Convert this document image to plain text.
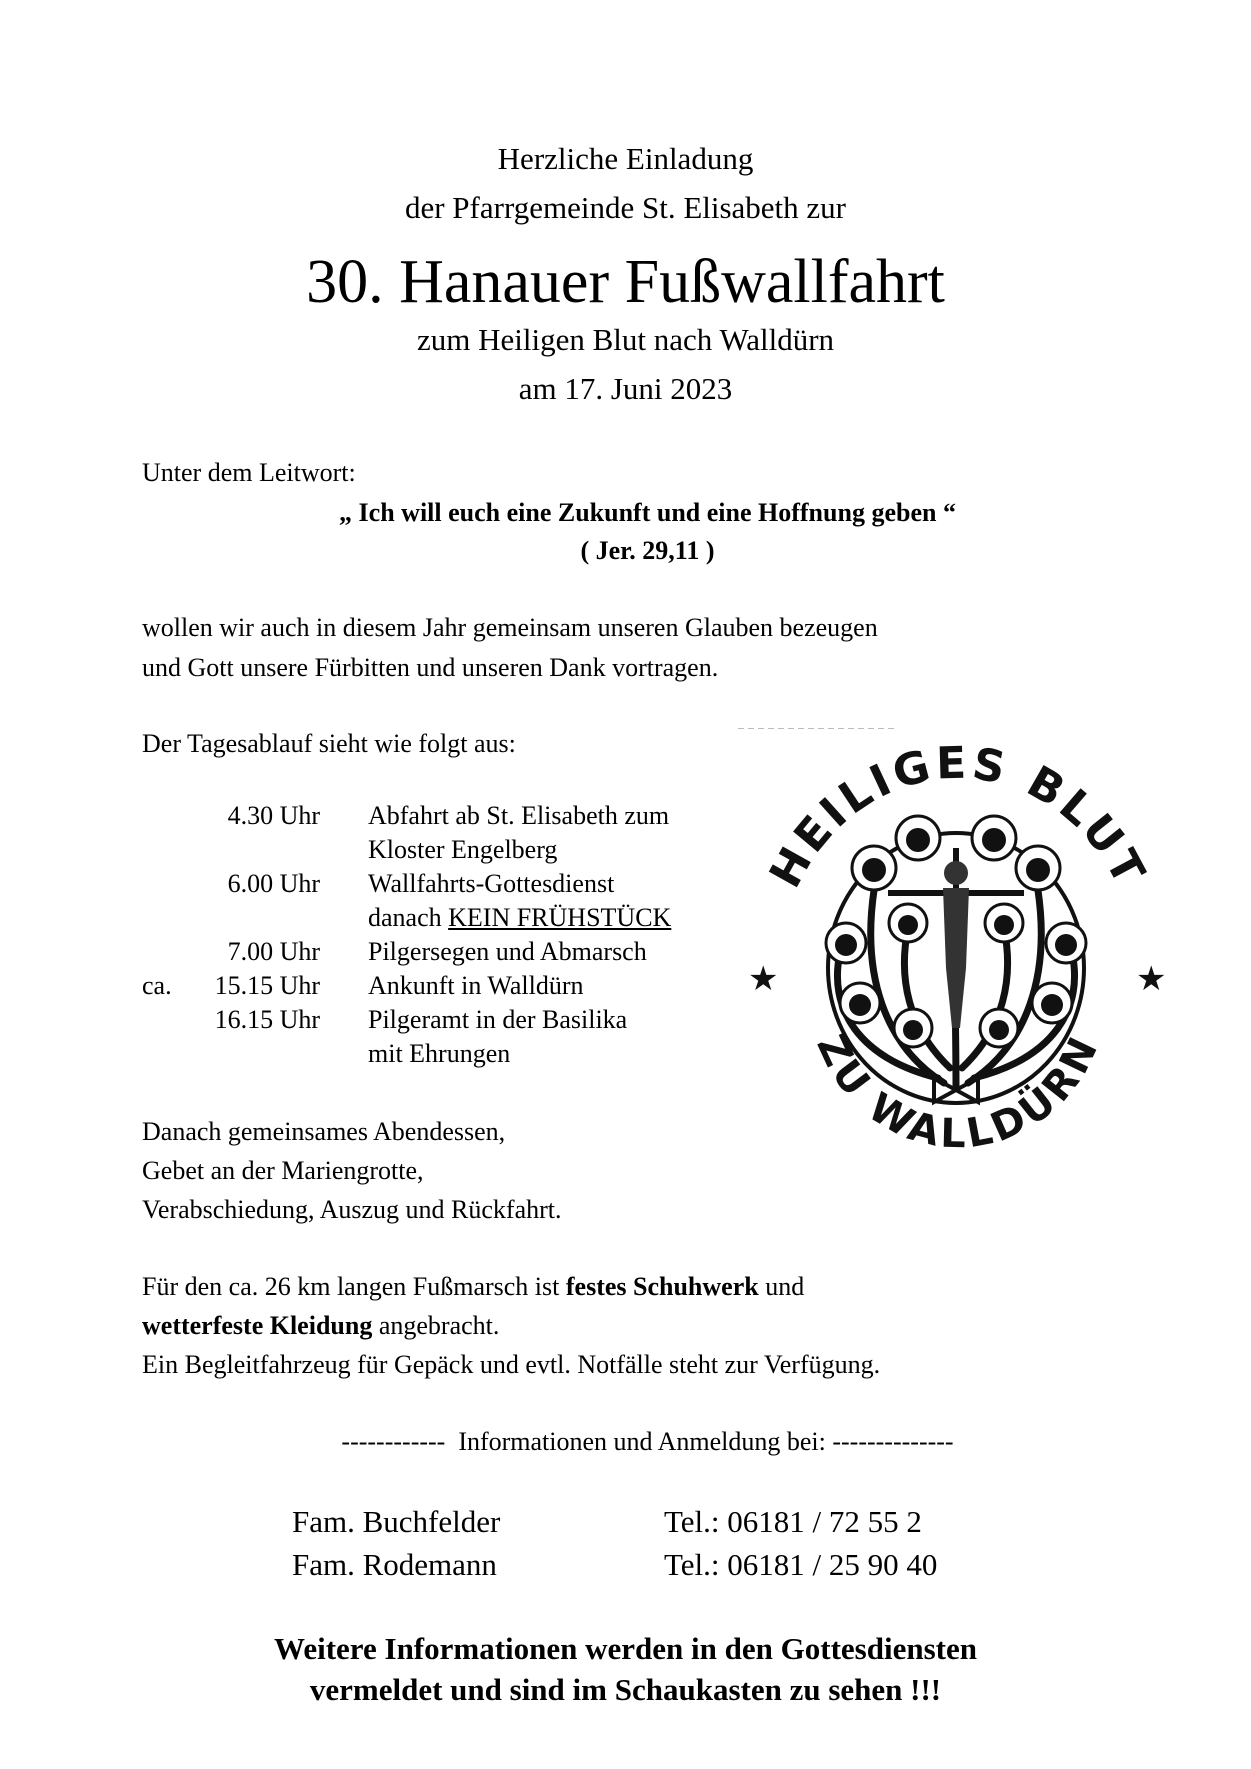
Herzliche Einladung
der Pfarrgemeinde St. Elisabeth zur
30. Hanauer Fußwallfahrt
zum Heiligen Blut nach Walldürn
am 17. Juni 2023
Unter dem Leitwort:
„ Ich will euch eine Zukunft und eine Hoffnung geben “
( Jer. 29,11 )
wollen wir auch in diesem Jahr gemeinsam unseren Glauben bezeugen
und Gott unsere Fürbitten und unseren Dank vortragen.
Der Tagesablauf sieht wie folgt aus:
4.30 Uhr Abfahrt ab St. Elisabeth zum
Kloster Engelberg
6.00 Uhr Wallfahrts-Gottesdienst
danach KEIN FRÜHSTÜCK
7.00 Uhr Pilgersegen und Abmarsch
ca.	15.15 Uhr Ankunft in Walldürn
16.15 Uhr Pilgeramt in der Basilika
mit Ehrungen
HEILIGES BLUT
ZU WALLDÜRN
★	★
Danach gemeinsames Abendessen,
Gebet an der Mariengrotte,
Verabschiedung, Auszug und Rückfahrt.
Für den ca. 26 km langen Fußmarsch ist festes Schuhwerk und
wetterfeste Kleidung angebracht.
Ein Begleitfahrzeug für Gepäck und evtl. Notfälle steht zur Verfügung.
------------  Informationen und Anmeldung bei: --------------
Fam. Buchfelder	Tel.: 06181 / 72 55 2
Fam. Rodemann	Tel.: 06181 / 25 90 40
Weitere Informationen werden in den Gottesdiensten
vermeldet und sind im Schaukasten zu sehen !!!
